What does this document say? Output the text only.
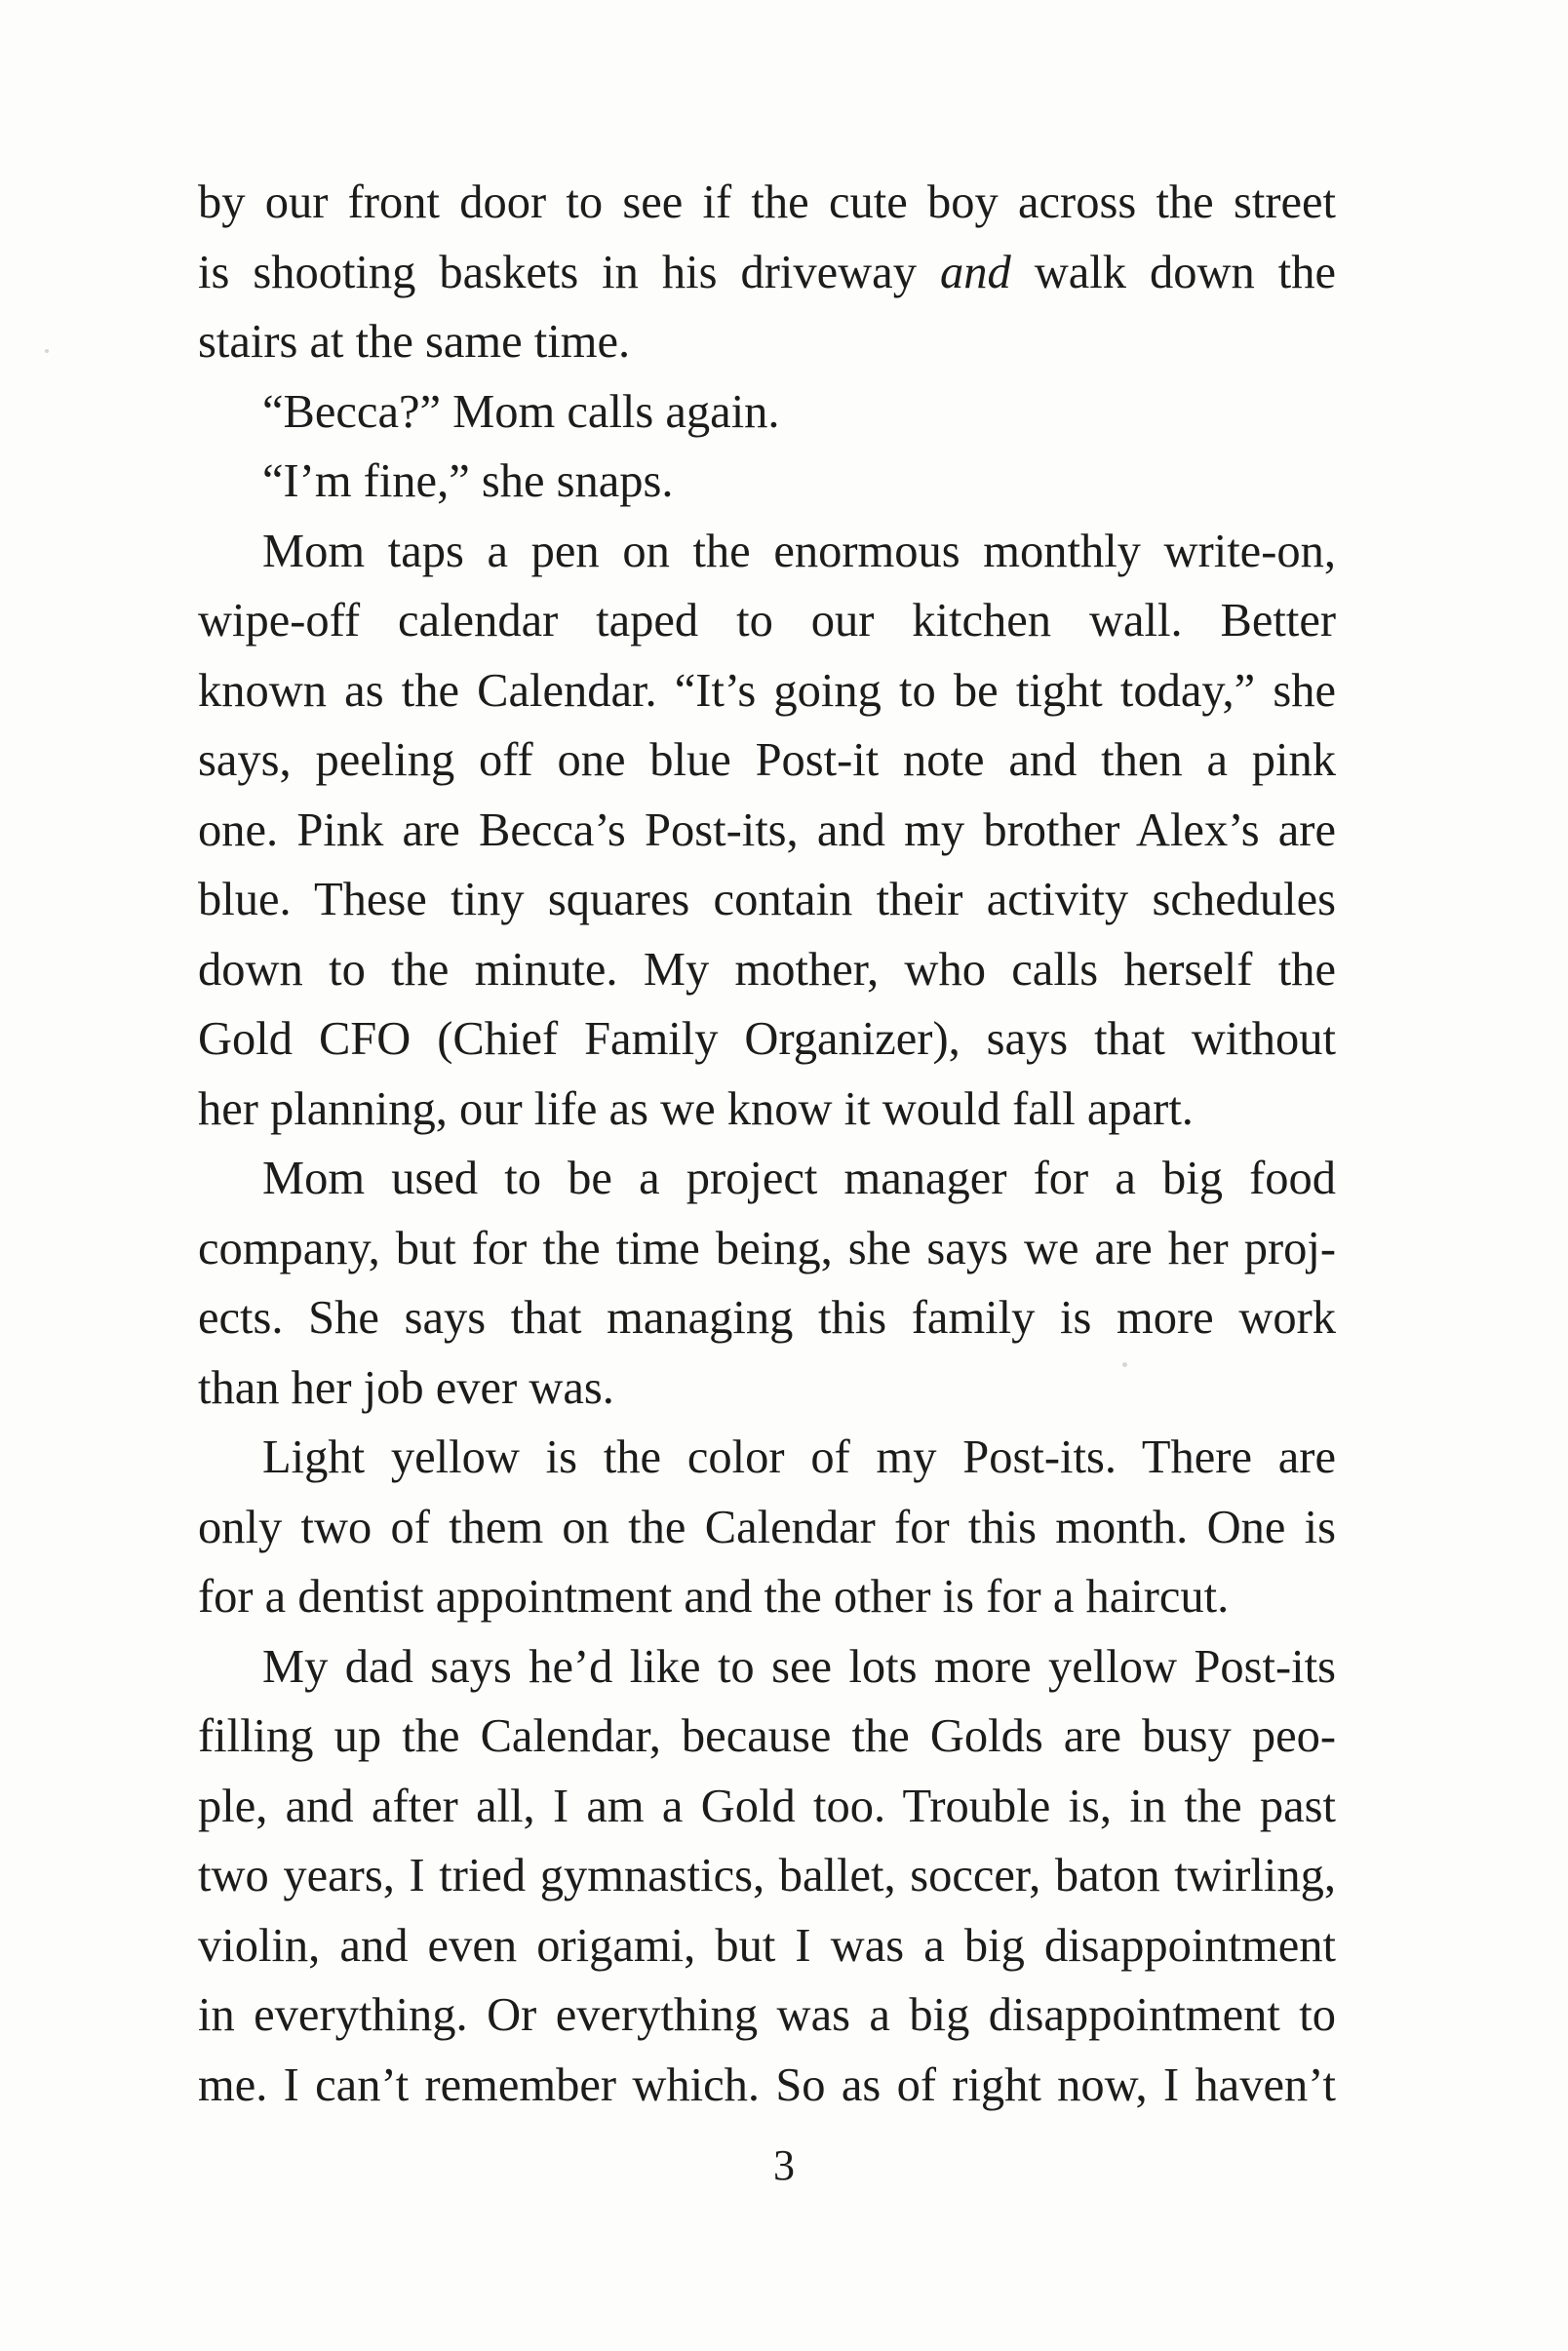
by our front door to see if the cute boy across the street
is shooting baskets in his driveway and walk down the
stairs at the same time.
“Becca?” Mom calls again.
“I’m fine,” she snaps.
Mom taps a pen on the enormous monthly write-on,
wipe-off calendar taped to our kitchen wall. Better
known as the Calendar. “It’s going to be tight today,” she
says, peeling off one blue Post-it note and then a pink
one. Pink are Becca’s Post-its, and my brother Alex’s are
blue. These tiny squares contain their activity schedules
down to the minute. My mother, who calls herself the
Gold CFO (Chief Family Organizer), says that without
her planning, our life as we know it would fall apart.
Mom used to be a project manager for a big food
company, but for the time being, she says we are her proj-
ects. She says that managing this family is more work
than her job ever was.
Light yellow is the color of my Post-its. There are
only two of them on the Calendar for this month. One is
for a dentist appointment and the other is for a haircut.
My dad says he’d like to see lots more yellow Post-its
filling up the Calendar, because the Golds are busy peo-
ple, and after all, I am a Gold too. Trouble is, in the past
two years, I tried gymnastics, ballet, soccer, baton twirling,
violin, and even origami, but I was a big disappointment
in everything. Or everything was a big disappointment to
me. I can’t remember which. So as of right now, I haven’t
3
